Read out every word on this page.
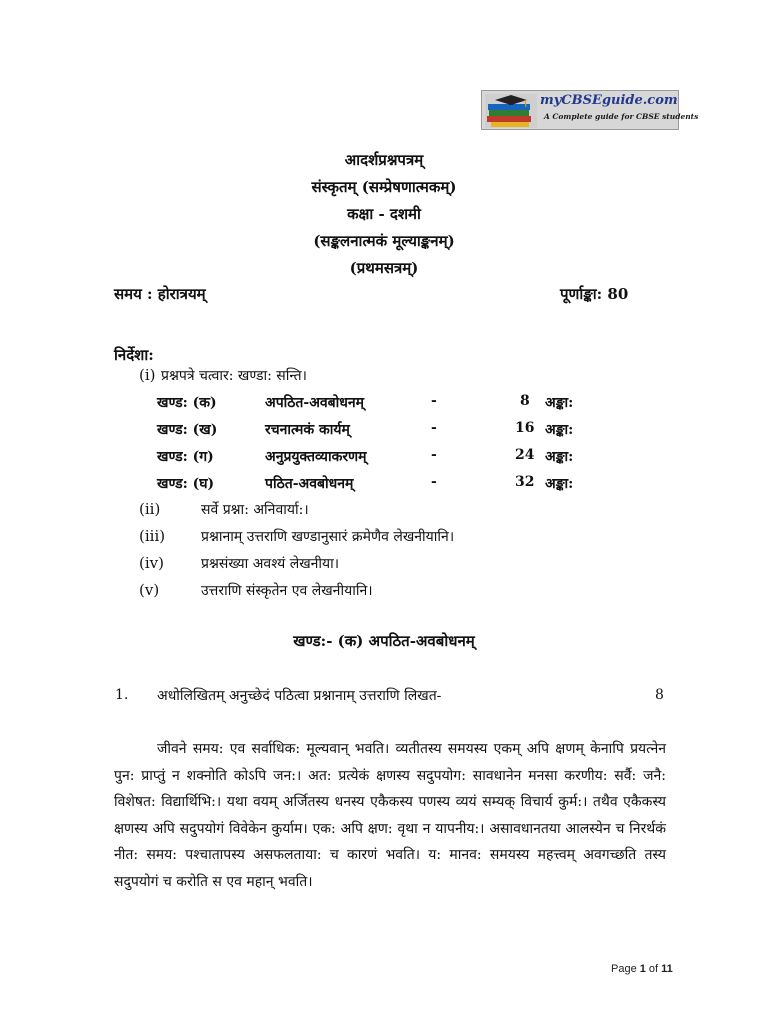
myCBSEguide.com
A Complete guide for CBSE students
आदर्शप्रश्नपत्रम्
संस्कृतम् (सम्प्रेषणात्मकम्)
कक्षा - दशमी
(सङ्कलनात्मकं मूल्याङ्कनम्)
(प्रथमसत्रम्)
समय : होरात्रयम्	पूर्णाङ्का: 80
निर्देशा:
(i) प्रश्नपत्रे चत्वार: खण्डा: सन्ति।
खण्ड: (क)	अपठित-अवबोधनम्	-	8 अङ्का:
खण्ड: (ख)	रचनात्मकं कार्यम्	-	16 अङ्का:
खण्ड: (ग)	अनुप्रयुक्तव्याकरणम्	-	24 अङ्का:
खण्ड: (घ)	पठित-अवबोधनम्	-	32 अङ्का:
(ii)	सर्वे प्रश्ना: अनिवार्या:।
(iii)	प्रश्नानाम् उत्तराणि खण्डानुसारं क्रमेणैव लेखनीयानि।
(iv)	प्रश्नसंख्या अवश्यं लेखनीया।
(v)	उत्तराणि संस्कृतेन एव लेखनीयानि।
खण्ड:- (क) अपठित-अवबोधनम्
1. अधोलिखितम् अनुच्छेदं पठित्वा प्रश्नानाम् उत्तराणि लिखत-	8
जीवने समय: एव सर्वाधिक: मूल्यवान् भवति। व्यतीतस्य समयस्य एकम् अपि क्षणम् केनापि प्रयत्नेन पुन: प्राप्तुं न शक्नोति कोऽपि जन:। अत: प्रत्येकं क्षणस्य सदुपयोग: सावधानेन मनसा करणीय: सर्वै: जनै: विशेषत: विद्यार्थिभि:। यथा वयम् अर्जितस्य धनस्य एकैकस्य पणस्य व्ययं सम्यक् विचार्य कुर्म:। तथैव एकैकस्य क्षणस्य अपि सदुपयोगं विवेकेन कुर्याम। एक: अपि क्षण: वृथा न यापनीय:। असावधानतया आलस्येन च निरर्थकं नीत: समय: पश्चातापस्य असफलताया: च कारणं भवति। य: मानव: समयस्य महत्त्वम् अवगच्छति तस्य सदुपयोगं च करोति स एव महान् भवति।
Page 1 of 11
